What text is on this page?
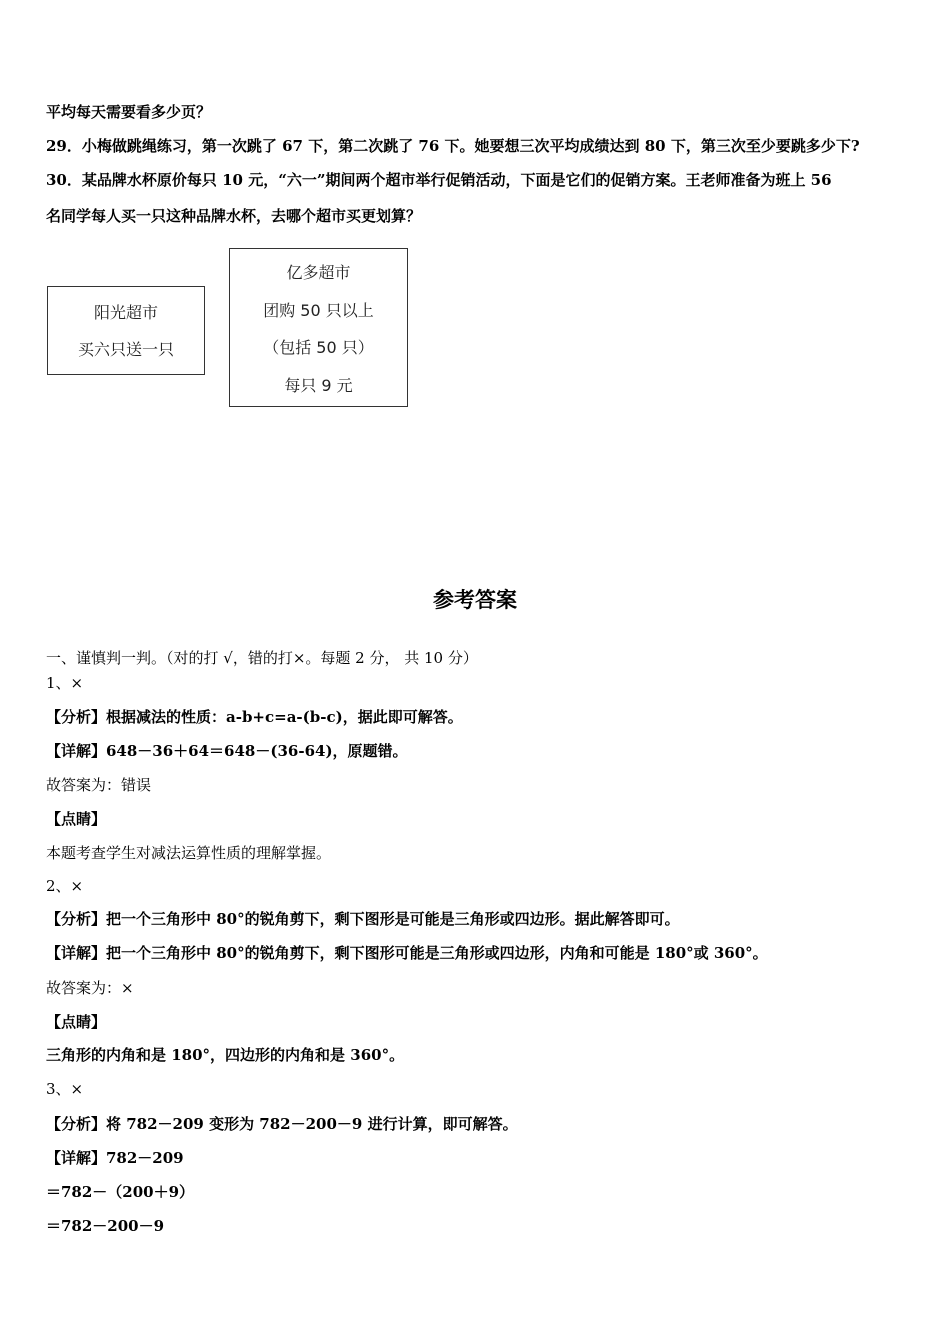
平均每天需要看多少页？
29．小梅做跳绳练习，第一次跳了 67 下，第二次跳了 76 下。她要想三次平均成绩达到 80 下，第三次至少要跳多少下?
30．某品牌水杯原价每只 10 元，“六一”期间两个超市举行促销活动，下面是它们的促销方案。王老师准备为班上 56
名同学每人买一只这种品牌水杯，去哪个超市买更划算？
阳光超市
买六只送一只
亿多超市
团购 50 只以上
（包括 50 只）
每只 9 元
参考答案
一、谨慎判一判。（对的打 √，错的打×。每题 2 分， 共 10 分）
1、×
【分析】根据减法的性质：a-b+c=a-(b-c)，据此即可解答。
【详解】648－36＋64＝648－(36-64)，原题错。
故答案为：错误
【点睛】
本题考查学生对减法运算性质的理解掌握。
2、×
【分析】把一个三角形中 80°的锐角剪下，剩下图形是可能是三角形或四边形。据此解答即可。
【详解】把一个三角形中 80°的锐角剪下，剩下图形可能是三角形或四边形，内角和可能是 180°或 360°。
故答案为：×
【点睛】
三角形的内角和是 180°，四边形的内角和是 360°。
3、×
【分析】将 782－209 变形为 782－200－9 进行计算，即可解答。
【详解】782－209
＝782－（200＋9）
＝782－200－9
